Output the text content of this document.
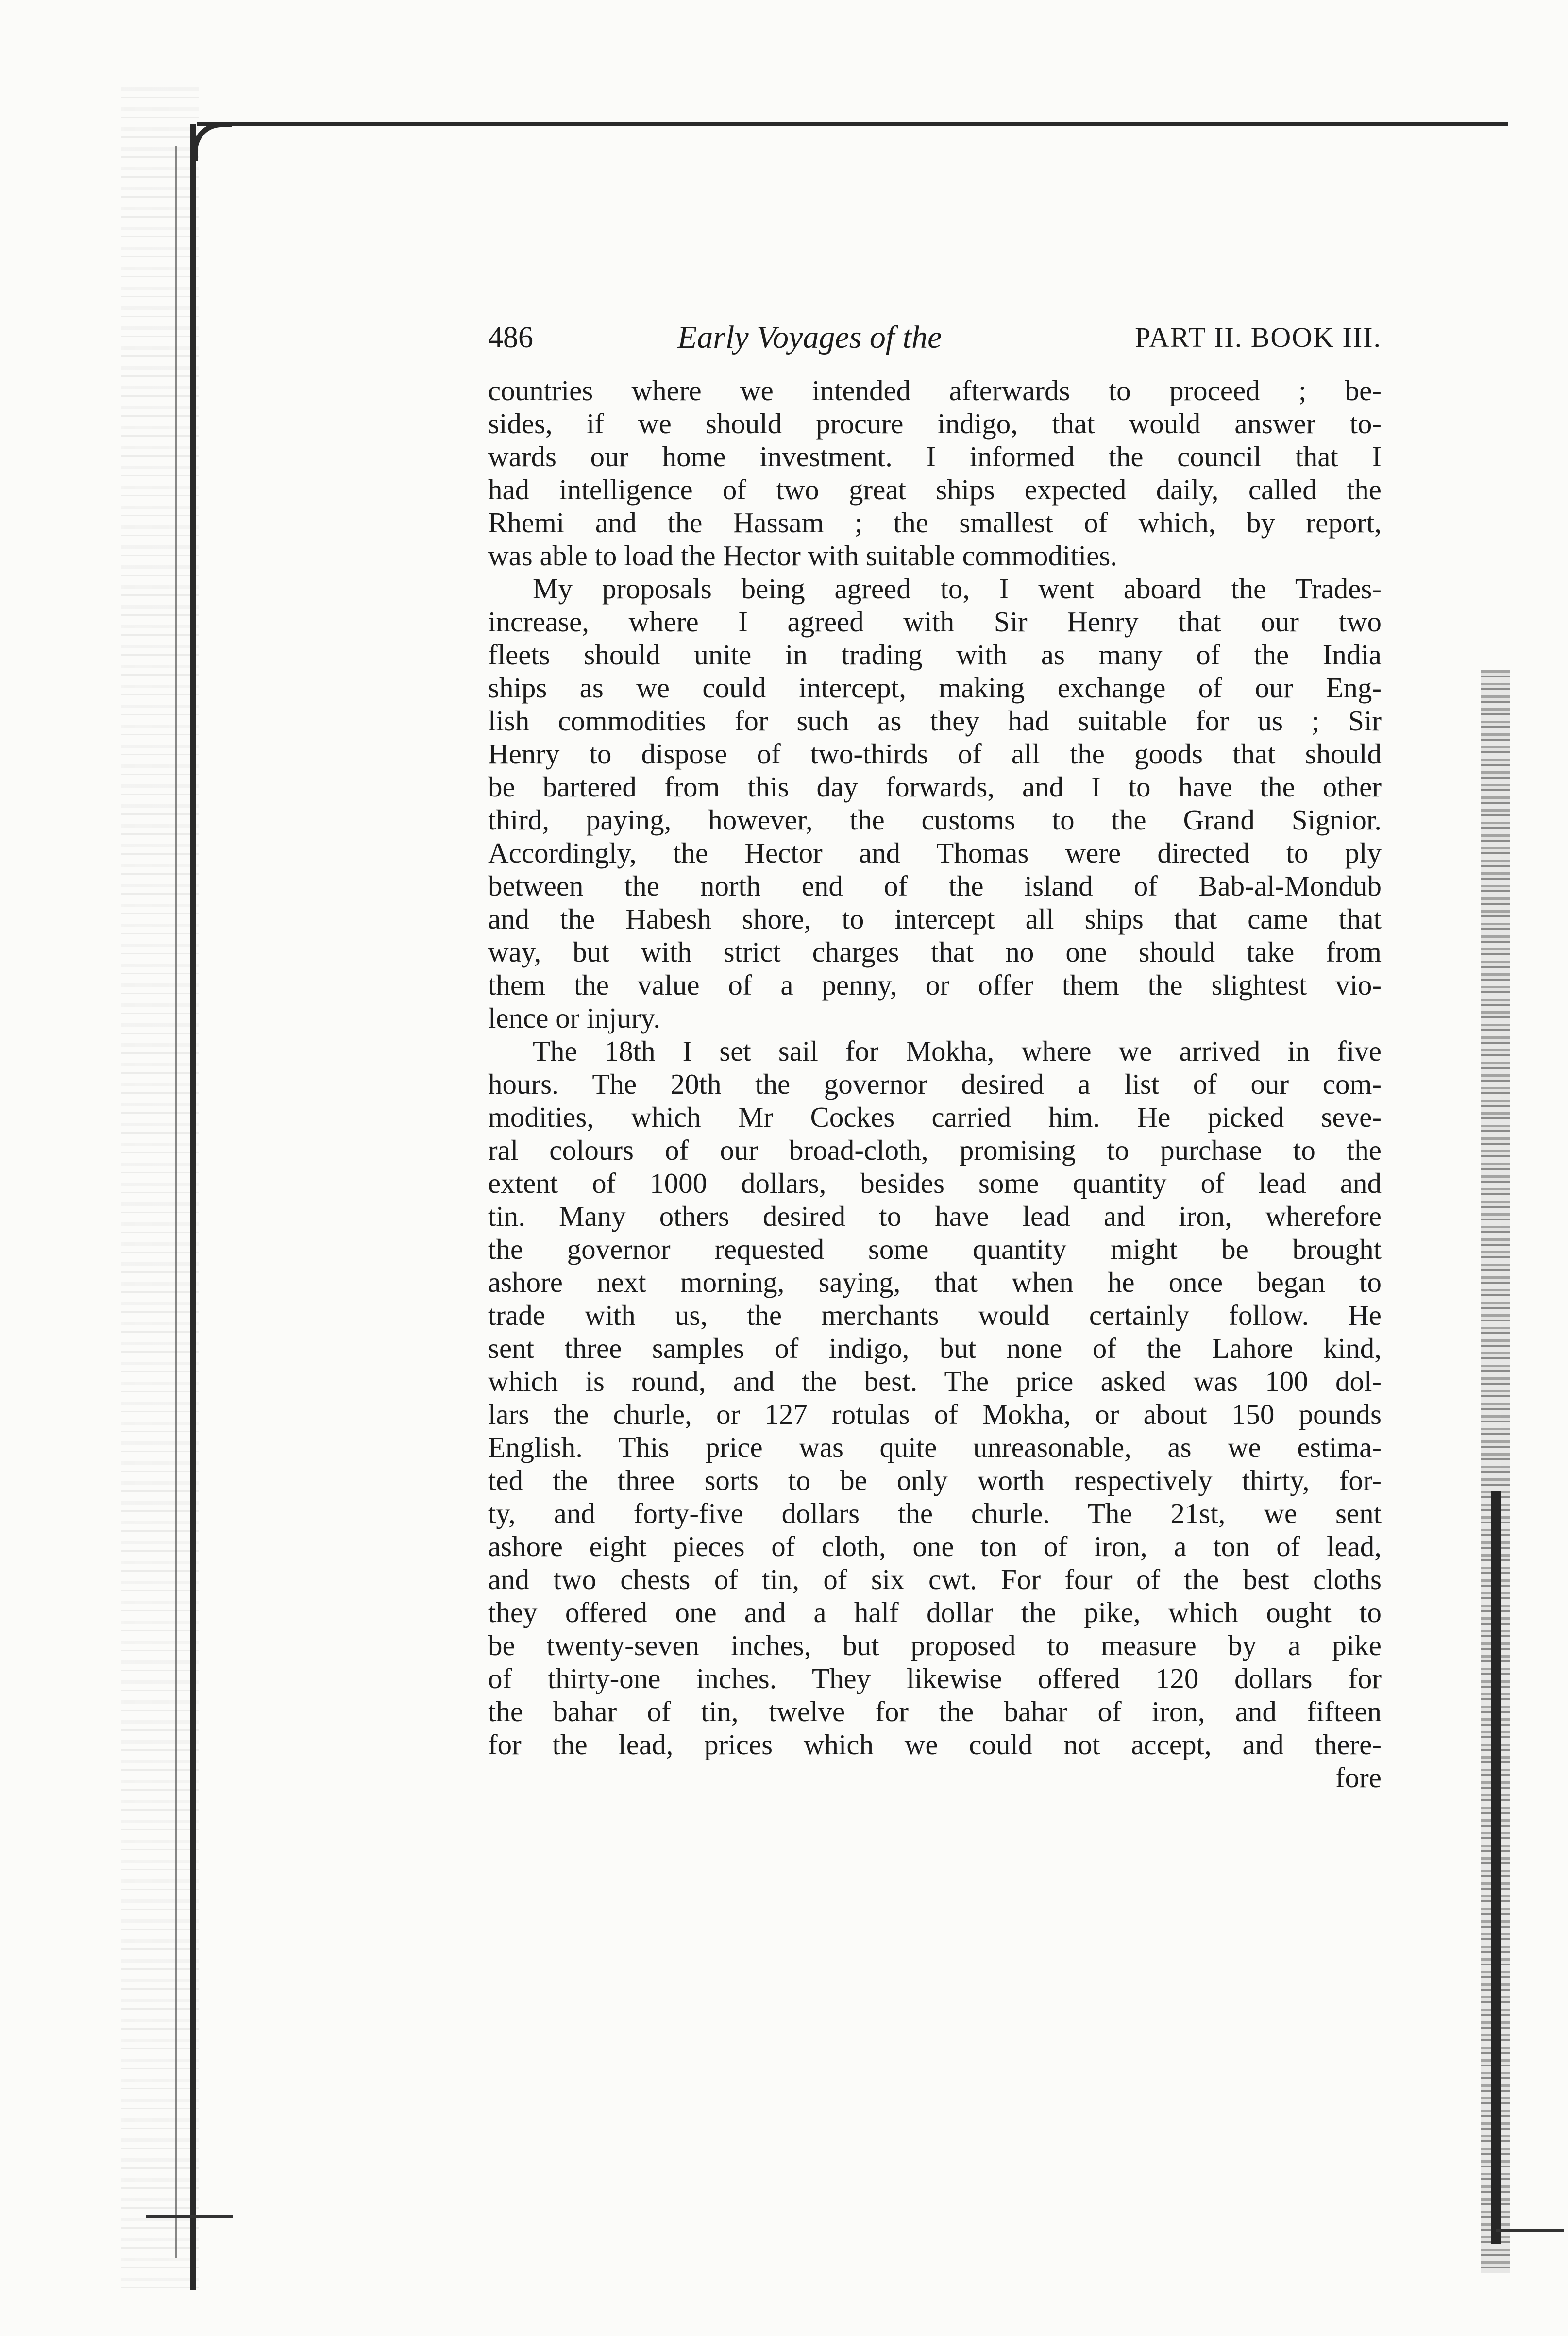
486	Early Voyages of the	PART II. BOOK III.
countries where we intended afterwards to proceed ; be-
sides, if we should procure indigo, that would answer to-
wards our home investment. I informed the council that I
had intelligence of two great ships expected daily, called the
Rhemi and the Hassam ; the smallest of which, by report,
was able to load the Hector with suitable commodities.
My proposals being agreed to, I went aboard the Trades-
increase, where I agreed with Sir Henry that our two
fleets should unite in trading with as many of the India
ships as we could intercept, making exchange of our Eng-
lish commodities for such as they had suitable for us ; Sir
Henry to dispose of two-thirds of all the goods that should
be bartered from this day forwards, and I to have the other
third, paying, however, the customs to the Grand Signior.
Accordingly, the Hector and Thomas were directed to ply
between the north end of the island of Bab-al-Mondub
and the Habesh shore, to intercept all ships that came that
way, but with strict charges that no one should take from
them the value of a penny, or offer them the slightest vio-
lence or injury.
The 18th I set sail for Mokha, where we arrived in five
hours. The 20th the governor desired a list of our com-
modities, which Mr Cockes carried him. He picked seve-
ral colours of our broad-cloth, promising to purchase to the
extent of 1000 dollars, besides some quantity of lead and
tin. Many others desired to have lead and iron, wherefore
the governor requested some quantity might be brought
ashore next morning, saying, that when he once began to
trade with us, the merchants would certainly follow. He
sent three samples of indigo, but none of the Lahore kind,
which is round, and the best. The price asked was 100 dol-
lars the churle, or 127 rotulas of Mokha, or about 150 pounds
English. This price was quite unreasonable, as we estima-
ted the three sorts to be only worth respectively thirty, for-
ty, and forty-five dollars the churle. The 21st, we sent
ashore eight pieces of cloth, one ton of iron, a ton of lead,
and two chests of tin, of six cwt. For four of the best cloths
they offered one and a half dollar the pike, which ought to
be twenty-seven inches, but proposed to measure by a pike
of thirty-one inches. They likewise offered 120 dollars for
the bahar of tin, twelve for the bahar of iron, and fifteen
for the lead, prices which we could not accept, and there-
fore
